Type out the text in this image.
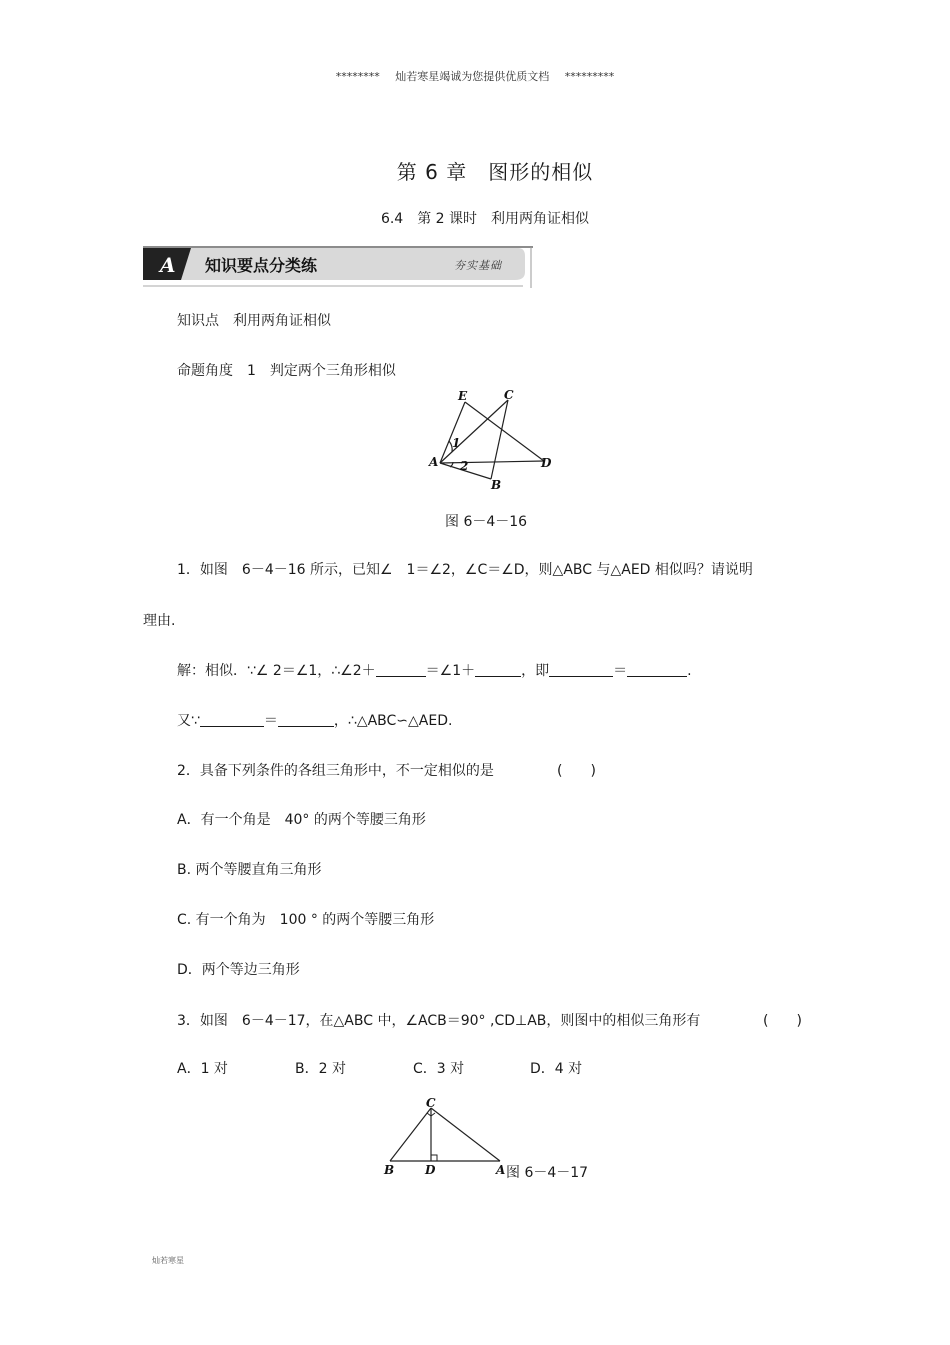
******** 灿若寒星竭诚为您提供优质文档 *********
第 6 章　图形的相似
6.4　第 2 课时　利用两角证相似
A 知识要点分类练	夯实基础
知识点　利用两角证相似
命题角度　1　判定两个三角形相似
E	C
A	D
B
1
2
图 6－4－16
1．如图　6－4－16 所示，已知∠　1＝∠2，∠C＝∠D，则△ABC 与△AED 相似吗？请说明
理由.
解：相似．∵∠ 2＝∠1，∴∠2＋	＝∠1＋	，即	＝	.
又∵	＝	，∴△ABC∽△AED.
2．具备下列条件的各组三角形中，不一定相似的是	(　　)
A．有一个角是　40° 的两个等腰三角形
B. 两个等腰直角三角形
C. 有一个角为　100 ° 的两个等腰三角形
D．两个等边三角形
3．如图　6－4－17，在△ABC 中，∠ACB＝90° ,CD⊥AB，则图中的相似三角形有	(　　)
A．1 对	B．2 对	C．3 对	D．4 对
C
B	D	A 图 6－4－17
灿若寒星
